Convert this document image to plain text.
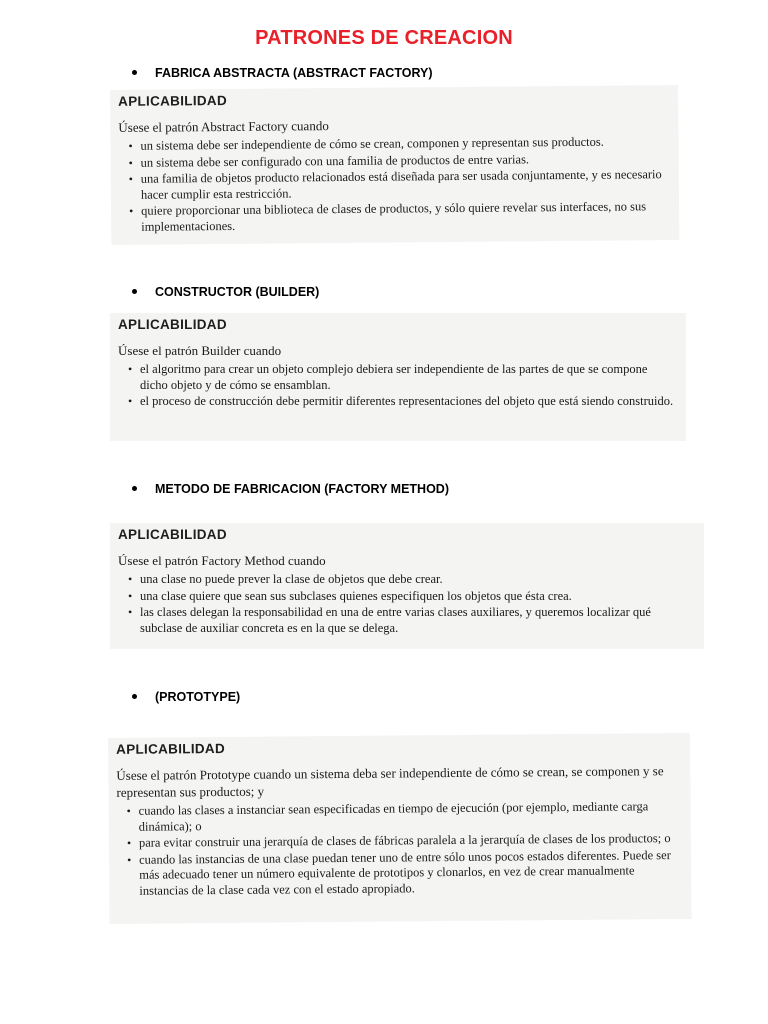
PATRONES DE CREACION
FABRICA ABSTRACTA (ABSTRACT FACTORY)
APLICABILIDAD
Úsese el patrón Abstract Factory cuando
• un sistema debe ser independiente de cómo se crean, componen y representan sus productos.
• un sistema debe ser configurado con una familia de productos de entre varias.
• una familia de objetos producto relacionados está diseñada para ser usada conjuntamente, y es necesario hacer cumplir esta restricción.
• quiere proporcionar una biblioteca de clases de productos, y sólo quiere revelar sus interfaces, no sus implementaciones.
CONSTRUCTOR (BUILDER)
APLICABILIDAD
Úsese el patrón Builder cuando
• el algoritmo para crear un objeto complejo debiera ser independiente de las partes de que se compone dicho objeto y de cómo se ensamblan.
• el proceso de construcción debe permitir diferentes representaciones del objeto que está siendo construido.
METODO DE FABRICACION (FACTORY METHOD)
APLICABILIDAD
Úsese el patrón Factory Method cuando
• una clase no puede prever la clase de objetos que debe crear.
• una clase quiere que sean sus subclases quienes especifiquen los objetos que ésta crea.
• las clases delegan la responsabilidad en una de entre varias clases auxiliares, y queremos localizar qué subclase de auxiliar concreta es en la que se delega.
(PROTOTYPE)
APLICABILIDAD
Úsese el patrón Prototype cuando un sistema deba ser independiente de cómo se crean, se componen y se representan sus productos; y
• cuando las clases a instanciar sean especificadas en tiempo de ejecución (por ejemplo, mediante carga dinámica); o
• para evitar construir una jerarquía de clases de fábricas paralela a la jerarquía de clases de los productos; o
• cuando las instancias de una clase puedan tener uno de entre sólo unos pocos estados diferentes. Puede ser más adecuado tener un número equivalente de prototipos y clonarlos, en vez de crear manualmente instancias de la clase cada vez con el estado apropiado.
